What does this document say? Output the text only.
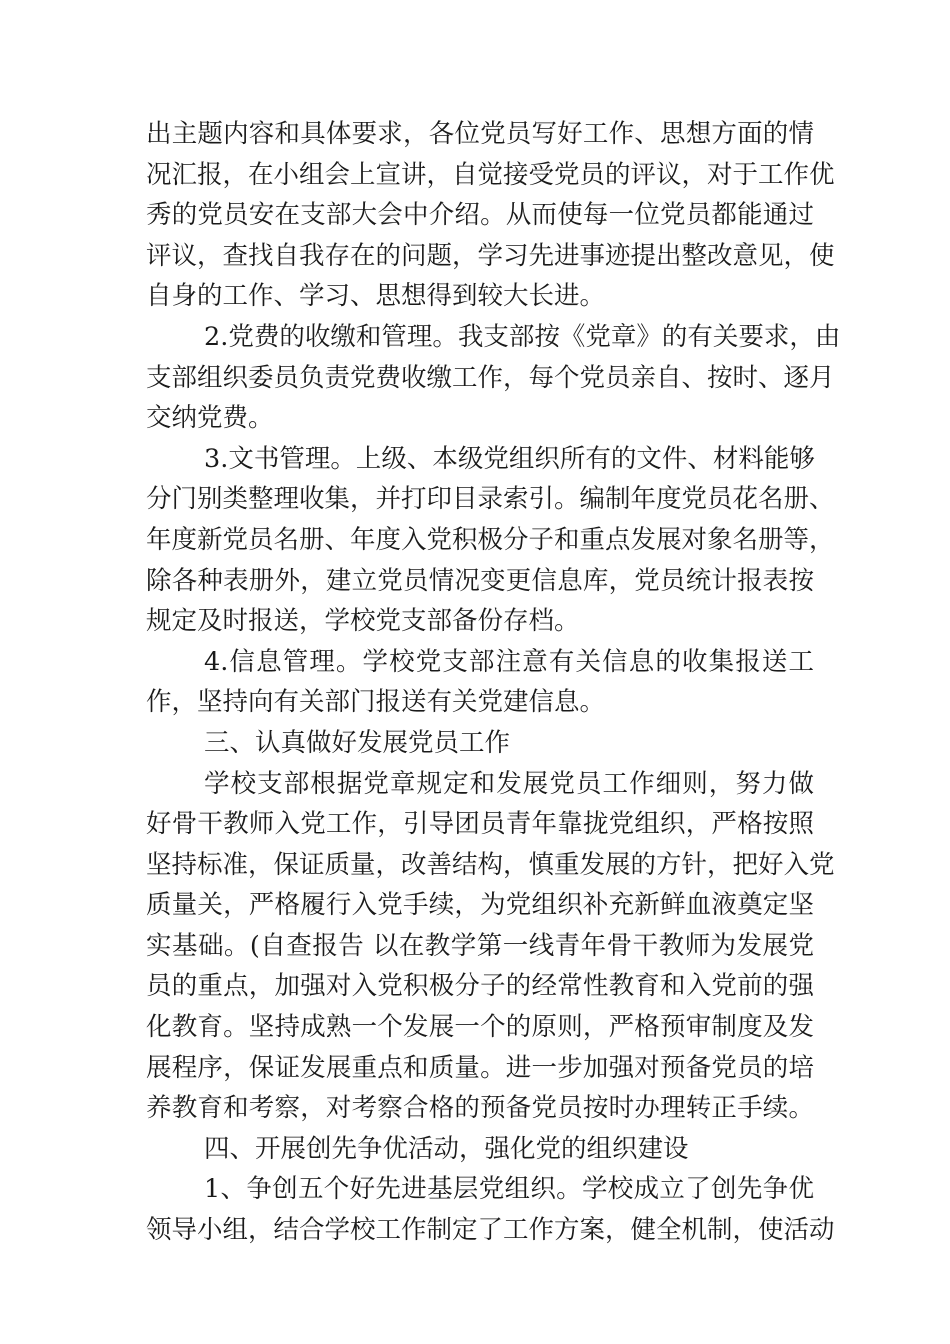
出主题内容和具体要求，各位党员写好工作、思想方面的情
况汇报，在小组会上宣讲，自觉接受党员的评议，对于工作优
秀的党员安在支部大会中介绍。从而使每一位党员都能通过
评议，查找自我存在的问题，学习先进事迹提出整改意见，使
自身的工作、学习、思想得到较大长进。
2.党费的收缴和管理。我支部按《党章》的有关要求，由
支部组织委员负责党费收缴工作，每个党员亲自、按时、逐月
交纳党费。
3.文书管理。上级、本级党组织所有的文件、材料能够
分门别类整理收集，并打印目录索引。编制年度党员花名册、
年度新党员名册、年度入党积极分子和重点发展对象名册等，
除各种表册外，建立党员情况变更信息库，党员统计报表按
规定及时报送，学校党支部备份存档。
4.信息管理。学校党支部注意有关信息的收集报送工
作，坚持向有关部门报送有关党建信息。
三、认真做好发展党员工作
学校支部根据党章规定和发展党员工作细则，努力做
好骨干教师入党工作，引导团员青年靠拢党组织，严格按照
坚持标准，保证质量，改善结构，慎重发展的方针，把好入党
质量关，严格履行入党手续，为党组织补充新鲜血液奠定坚
实基础。(自查报告 以在教学第一线青年骨干教师为发展党
员的重点，加强对入党积极分子的经常性教育和入党前的强
化教育。坚持成熟一个发展一个的原则，严格预审制度及发
展程序，保证发展重点和质量。进一步加强对预备党员的培
养教育和考察，对考察合格的预备党员按时办理转正手续。
四、开展创先争优活动，强化党的组织建设
1、争创五个好先进基层党组织。学校成立了创先争优
领导小组，结合学校工作制定了工作方案，健全机制，使活动
